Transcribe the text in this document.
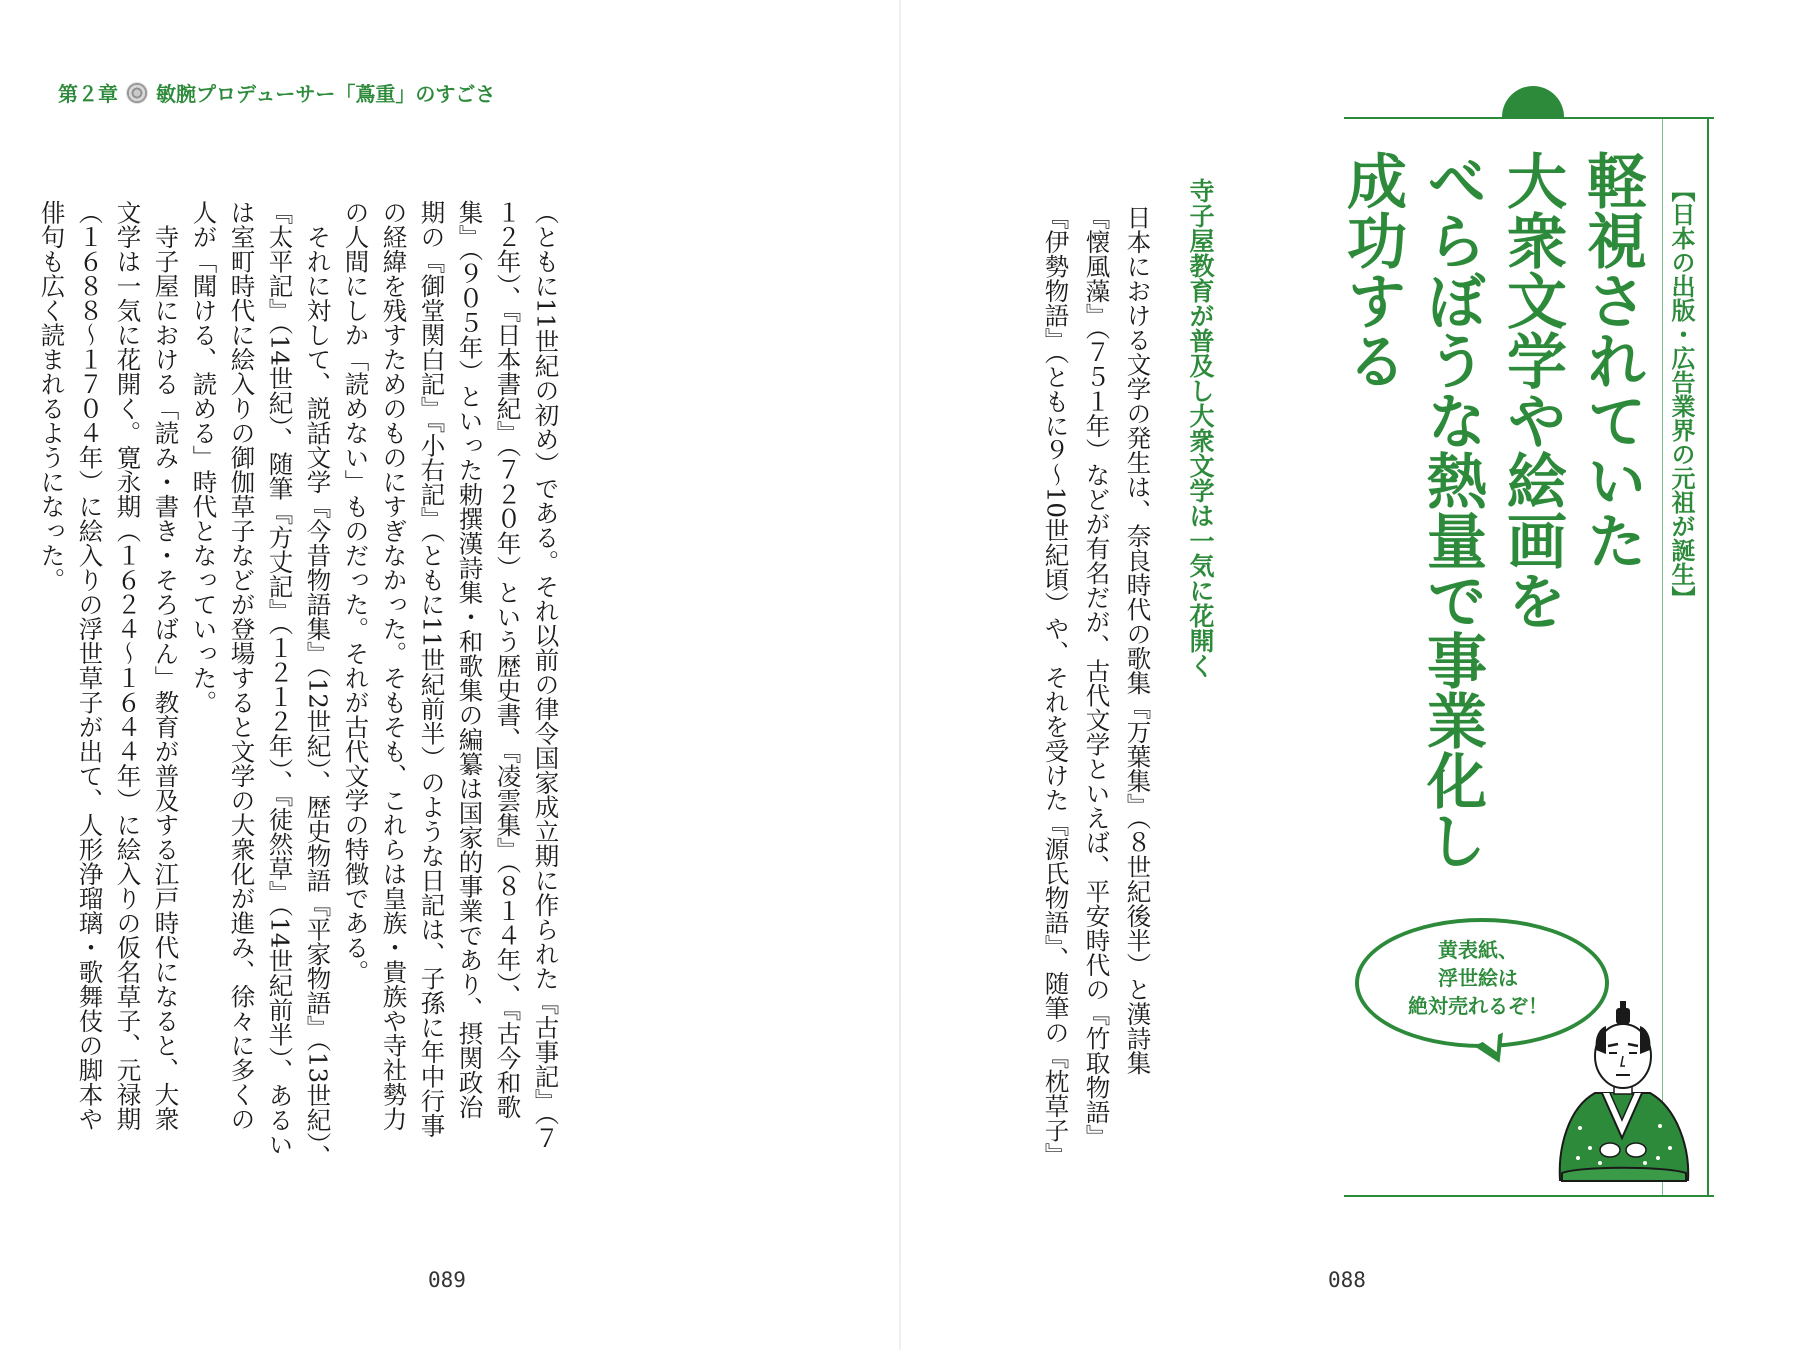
第２章 敏腕プロデューサー「蔦重」のすごさ
（ともに11世紀の初め）である。それ以前の律令国家成立期に作られた『古事記』（７
１２年）、『日本書紀』（７２０年）という歴史書、『凌雲集』（８１４年）、『古今和歌
集』（９０５年）といった勅撰漢詩集・和歌集の編纂は国家的事業であり、摂関政治
期の『御堂関白記』『小右記』（ともに11世紀前半）のような日記は、子孫に年中行事
の経緯を残すためのものにすぎなかった。そもそも、これらは皇族・貴族や寺社勢力
の人間にしか「読めない」ものだった。それが古代文学の特徴である。
　それに対して、説話文学『今昔物語集』（12世紀）、歴史物語『平家物語』（13世紀）、
『太平記』（14世紀）、随筆『方丈記』（１２１２年）、『徒然草』（14世紀前半）、あるい
は室町時代に絵入りの御伽草子などが登場すると文学の大衆化が進み、徐々に多くの
人が「聞ける、読める」時代となっていった。
　寺子屋における「読み・書き・そろばん」教育が普及する江戸時代になると、大衆
文学は一気に花開く。寛永期（１６２４〜１６４４年）に絵入りの仮名草子、元禄期
（１６８８〜１７０４年）に絵入りの浮世草子が出て、人形浄瑠璃・歌舞伎の脚本や
俳句も広く読まれるようになった。
089
【日本の出版・広告業界の元祖が誕生】
軽視されていた
大衆文学や絵画を
べらぼうな熱量で事業化し
成功する
寺子屋教育が普及し大衆文学は一気に花開く
日本における文学の発生は、奈良時代の歌集『万葉集』（８世紀後半）と漢詩集
『懐風藻』（７５１年）などが有名だが、古代文学といえば、平安時代の『竹取物語』
『伊勢物語』（ともに９〜10世紀頃）や、それを受けた『源氏物語』、随筆の『枕草子』	黄表紙、
浮世絵は
絶対売れるぞ！
088
